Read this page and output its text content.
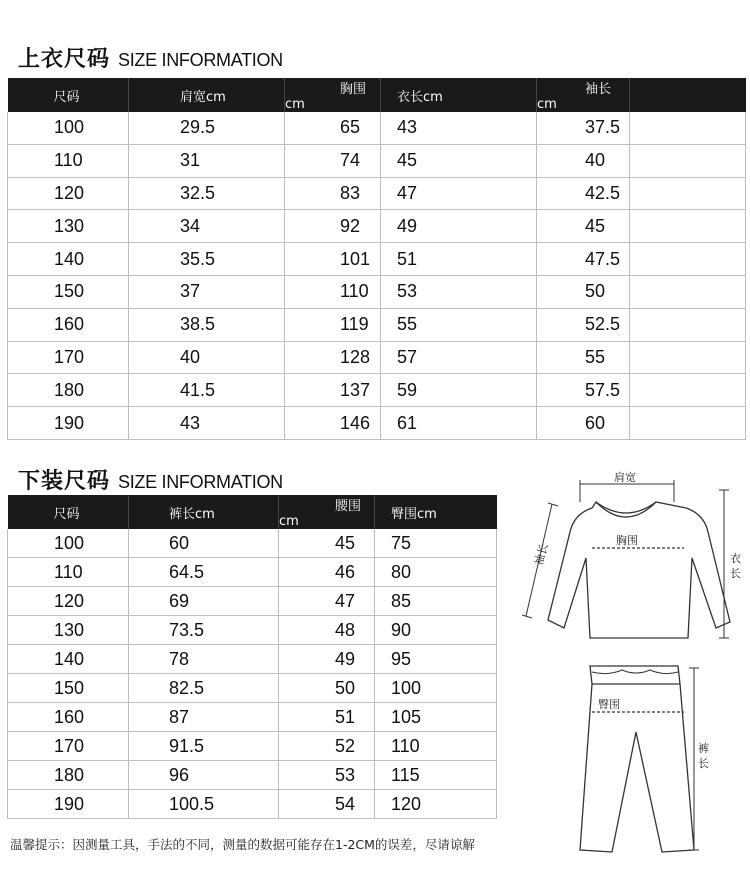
上衣尺码 SIZE INFORMATION
尺码	肩宽cm	胸围cm	衣长cm	袖长cm	
100	29.5	65	43	37.5	
110	31	74	45	40	
120	32.5	83	47	42.5	
130	34	92	49	45	
140	35.5	101	51	47.5	
150	37	110	53	50	
160	38.5	119	55	52.5	
170	40	128	57	55	
180	41.5	137	59	57.5	
190	43	146	61	60	
下装尺码 SIZE INFORMATION
尺码	裤长cm	腰围cm	臀围cm
100	60	45	75
110	64.5	46	80
120	69	47	85
130	73.5	48	90
140	78	49	95
150	82.5	50	100
160	87	51	105
170	91.5	52	110
180	96	53	115
190	100.5	54	120
肩宽
胸围
袖长	衣
长
臀围
裤
长
温馨提示：因测量工具，手法的不同，测量的数据可能存在1-2CM的误差，尽请谅解
